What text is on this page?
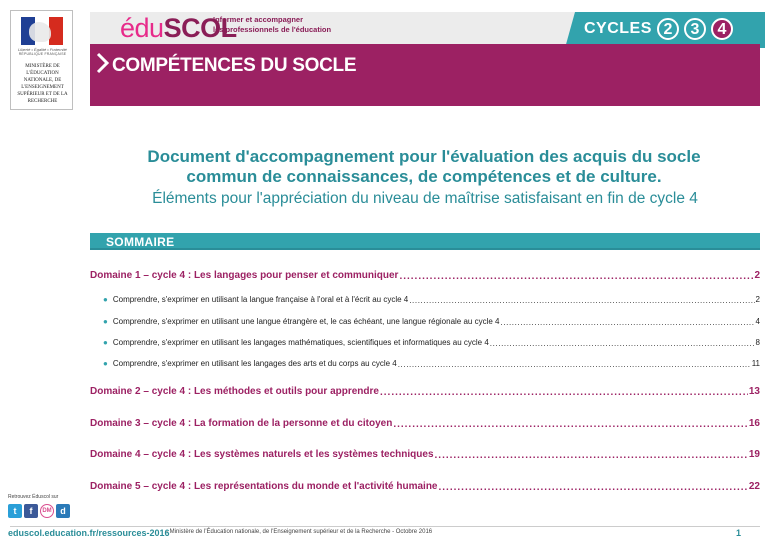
Liberté • Égalité • Fraternité
RÉPUBLIQUE FRANÇAISE
MINISTÈRE DE L'ÉDUCATION NATIONALE, DE L'ENSEIGNEMENT SUPÉRIEUR ET DE LA RECHERCHE
éduSCOL
Informer et accompagner
les professionnels de l'éducation	CYCLES 2	3	4
COMPÉTENCES DU SOCLE
Document d'accompagnement pour l'évaluation des acquis du socle
commun de connaissances, de compétences et de culture.
Éléments pour l'appréciation du niveau de maîtrise satisfaisant en fin de cycle 4
SOMMAIRE
Domaine 1 – cycle 4 : Les langages pour penser et communiquer .....	2
● Comprendre, s'exprimer en utilisant la langue française à l'oral et à l'écrit au cycle 4 .....	2
● Comprendre, s'exprimer en utilisant une langue étrangère et, le cas échéant, une langue régionale au cycle 4 .....	4
● Comprendre, s'exprimer en utilisant les langages mathématiques, scientifiques et informatiques au cycle 4 .....	8
● Comprendre, s'exprimer en utilisant les langages des arts et du corps au cycle 4 .....	11
Domaine 2 – cycle 4 : Les méthodes et outils pour apprendre .....	13
Domaine 3 – cycle 4 : La formation de la personne et du citoyen .....	16
Domaine 4 – cycle 4 : Les systèmes naturels et les systèmes techniques .....	19
Domaine 5 – cycle 4 : Les représentations du monde et l'activité humaine .....	22
Retrouvez Éduscol sur
t	f	DM d
eduscol.education.fr/ressources-2016
- Ministère de l'Éducation nationale, de l'Enseignement supérieur et de la Recherche - Octobre 2016	1
